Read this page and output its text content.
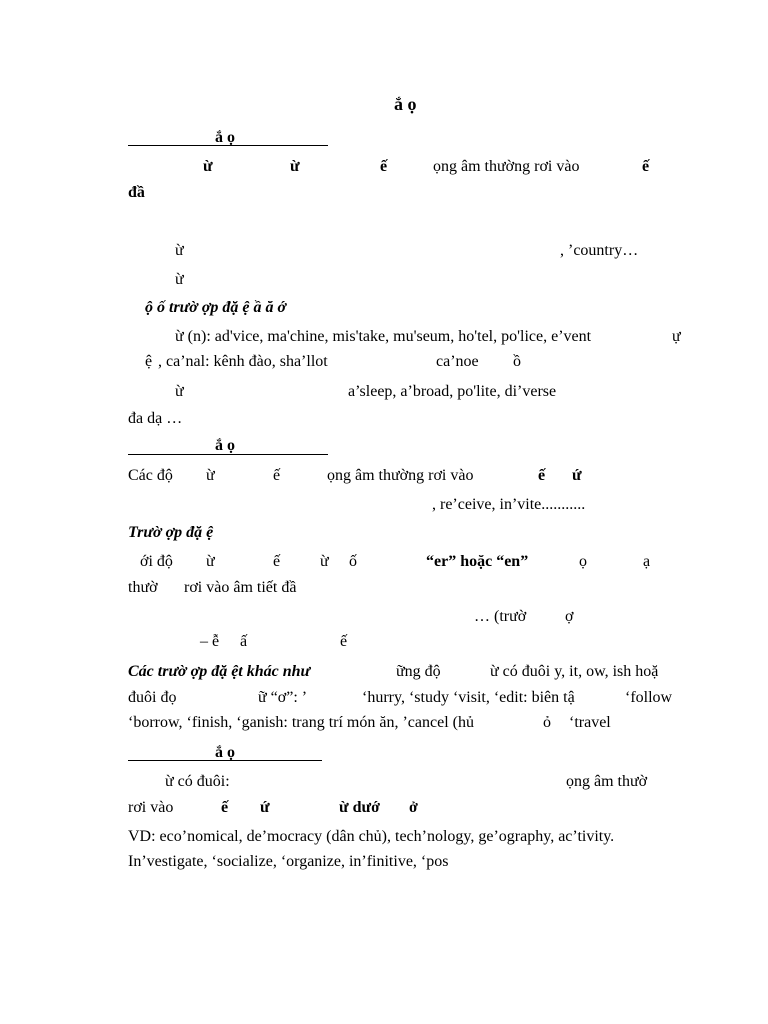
ắ ọ
ắ ọ
ừ	ừ	ế	ọng âm thường rơi vào	ế
đầ
ừ	, ’country…
ừ
ộ ố trườ ợp đặ ệ ầ ă ớ
ừ (n): ad'vice, ma'chine, mis'take, mu'seum, ho'tel, po'lice, e’vent	ự
ệ , ca’nal: kênh đào, sha’llot	ca’noe ồ
ừ	a’sleep, a’broad, po'lite, di’verse
đa dạ …
ắ ọ
Các độ ừ	ế	ọng âm thường rơi vào	ế ứ
, re’ceive, in’vite...........
Trườ ợp đặ ệ
ới độ ừ	ế ừ ố	“er” hoặc “en”	ọ	ạ
thườ rơi vào âm tiết đầ
… (trườ ợ
– ễ ấ	ế
Các trườ ợp đặ ệt khác như	ững độ	ừ có đuôi y, it, ow, ish hoặ
đuôi đọ	ữ “ơ”: ’	‘hurry, ‘study ‘visit, ‘edit: biên tậ	‘follow
‘borrow, ‘finish, ‘ganish: trang trí món ăn, ’cancel (hủ	ỏ ‘travel
ắ ọ
ừ có đuôi:	ọng âm thườ
rơi vào	ế ứ	ừ dướ ở
VD: eco’nomical, de’mocracy (dân chủ), tech’nology, ge’ography, ac’tivity.
In’vestigate, ‘socialize, ‘organize, in’finitive, ‘pos
